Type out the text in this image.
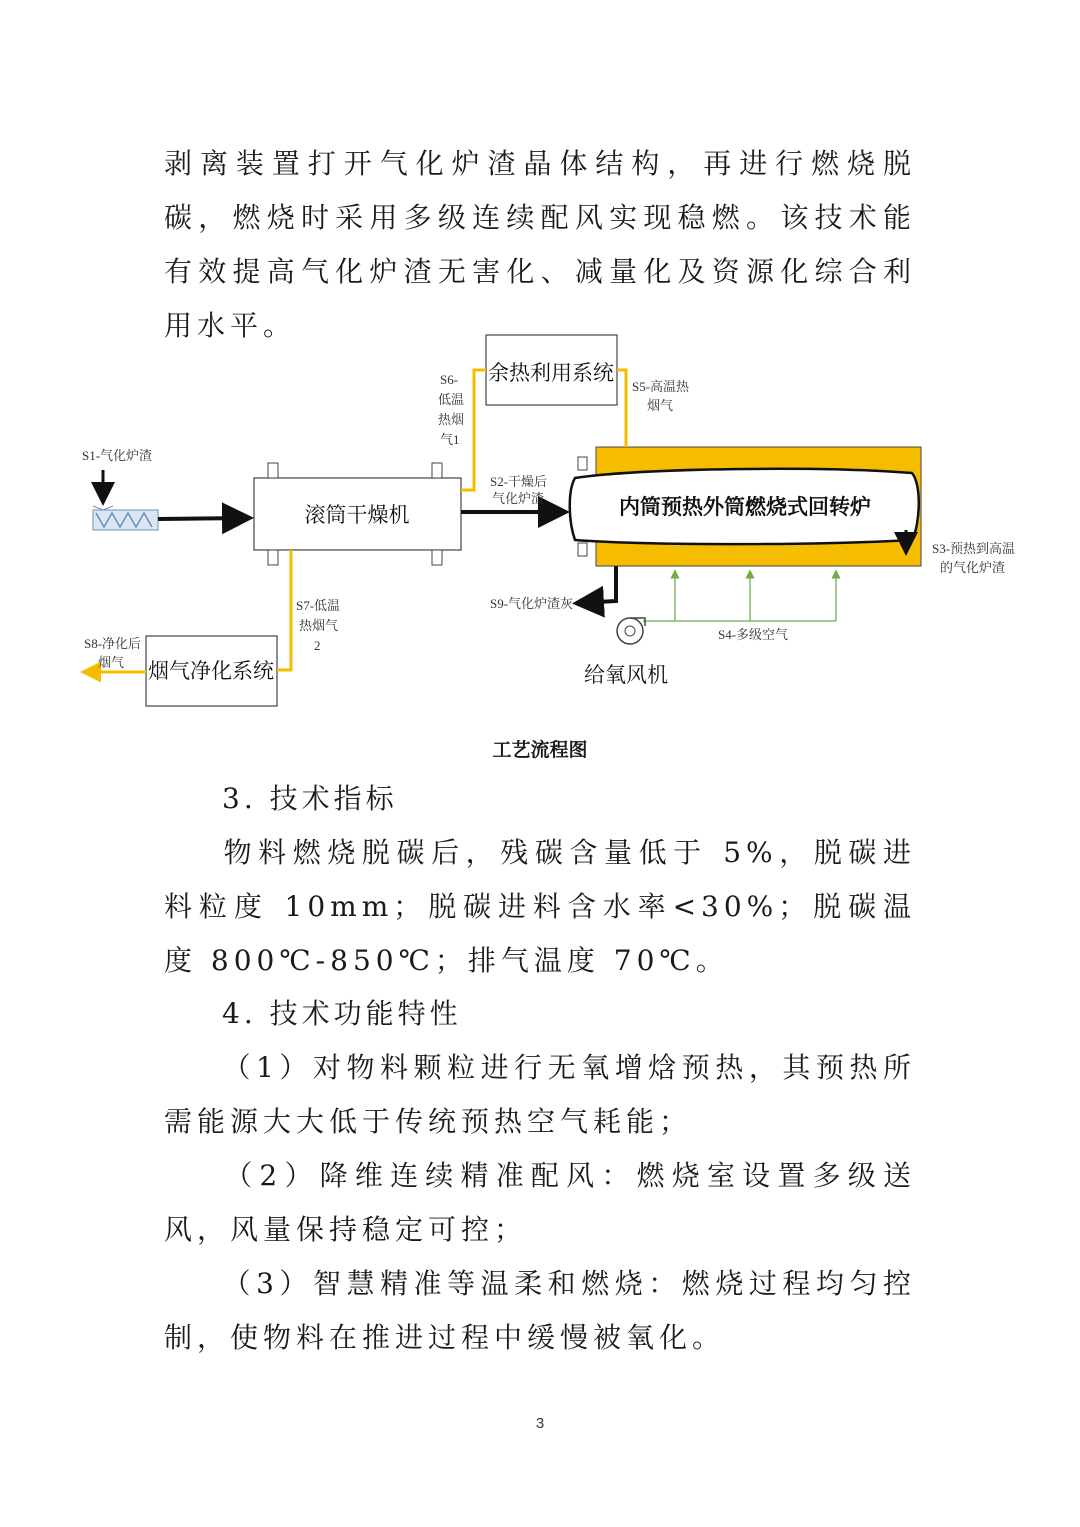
剥离装置打开气化炉渣晶体结构，再进行燃烧脱碳，燃烧时采用多级连续配风实现稳燃。该技术能有效提高气化炉渣无害化、减量化及资源化综合利用水平。
余热利用系统
滚筒干燥机	内筒预热外筒燃烧式回转炉
烟气净化系统	给氧风机
S1-气化炉渣
S2-干燥后
气化炉渣
S3-预热到高温
的气化炉渣
S4-多级空气
S5-高温热
烟气
S6-
低温
热烟
气1
S7-低温
热烟气
2
S8-净化后
烟气
S9-气化炉渣灰
工艺流程图
3. 技术指标
物料燃烧脱碳后，残碳含量低于 5%，脱碳进料粒度 10mm；脱碳进料含水率<30%；脱碳温度 800℃-850℃；排气温度 70℃。
4. 技术功能特性
（1）对物料颗粒进行无氧增焓预热，其预热所需能源大大低于传统预热空气耗能；
（2）降维连续精准配风：燃烧室设置多级送风，风量保持稳定可控；
（3）智慧精准等温柔和燃烧：燃烧过程均匀控制，使物料在推进过程中缓慢被氧化。
3
